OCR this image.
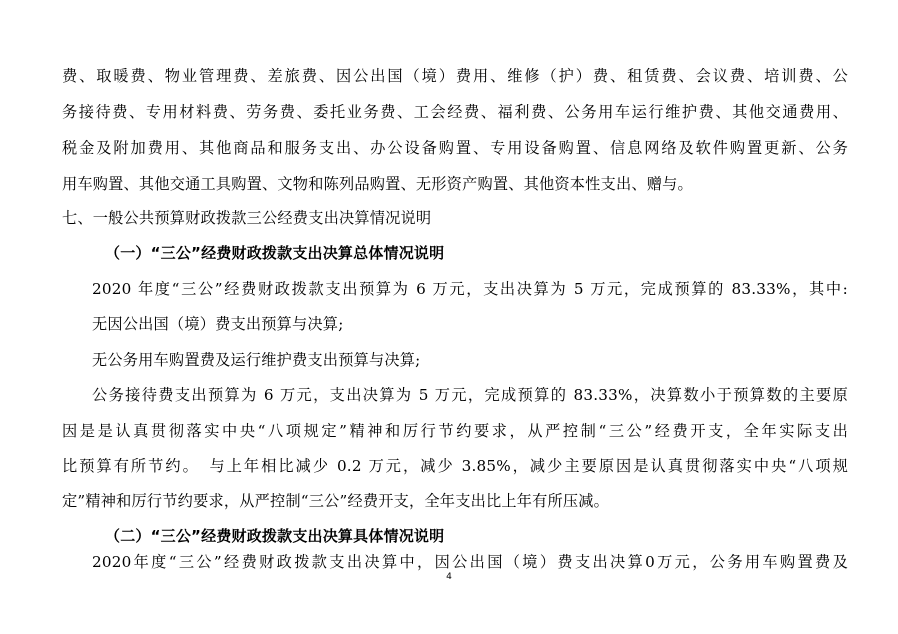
费、取暖费、物业管理费、差旅费、因公出国（境）费用、维修（护）费、租赁费、会议费、培训费、公
务接待费、专用材料费、劳务费、委托业务费、工会经费、福利费、公务用车运行维护费、其他交通费用、
税金及附加费用、其他商品和服务支出、办公设备购置、专用设备购置、信息网络及软件购置更新、公务
用车购置、其他交通工具购置、文物和陈列品购置、无形资产购置、其他资本性支出、赠与。
七、一般公共预算财政拨款三公经费支出决算情况说明
（一）“三公”经费财政拨款支出决算总体情况说明
2020 年度“三公”经费财政拨款支出预算为 6 万元，支出决算为 5 万元，完成预算的 83.33%，其中:
无因公出国（境）费支出预算与决算;
无公务用车购置费及运行维护费支出预算与决算;
公务接待费支出预算为 6 万元，支出决算为 5 万元，完成预算的 83.33%，决算数小于预算数的主要原
因是是认真贯彻落实中央“八项规定”精神和厉行节约要求，从严控制“三公”经费开支，全年实际支出
比预算有所节约。　与上年相比减少 0.2 万元，减少 3.85%，减少主要原因是认真贯彻落实中央“八项规
定”精神和厉行节约要求，从严控制“三公”经费开支，全年支出比上年有所压减。
（二）“三公”经费财政拨款支出决算具体情况说明
2020年度“三公”经费财政拨款支出决算中，因公出国（境）费支出决算0万元，公务用车购置费及
4
